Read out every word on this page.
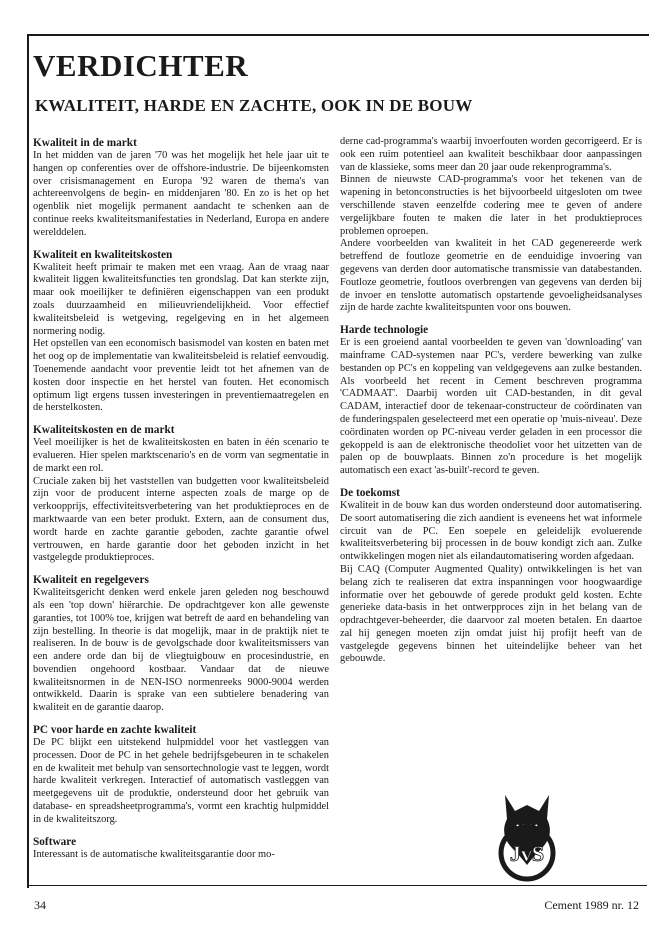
VERDICHTER
KWALITEIT, HARDE EN ZACHTE, OOK IN DE BOUW
Kwaliteit in de markt

In het midden van de jaren '70 was het mogelijk het hele jaar uit te hangen op conferenties over de offshore-industrie. De bijeenkomsten over crisismanagement en Europa '92 waren de thema's van achtereenvolgens de begin- en middenjaren '80. En zo is het op het ogenblik niet mogelijk permanent aandacht te schenken aan de continue reeks kwaliteitsmanifestaties in Nederland, Europa en andere werelddelen.

Kwaliteit en kwaliteitskosten

Kwaliteit heeft primair te maken met een vraag. Aan de vraag naar kwaliteit liggen kwaliteitsfuncties ten grondslag. Dat kan sterkte zijn, maar ook moeilijker te definiëren eigenschappen van een produkt zoals duurzaamheid en milieuvriendelijkheid. Voor effectief kwaliteitsbeleid is wetgeving, regelgeving en in het algemeen normering nodig.

Het opstellen van een economisch basismodel van kosten en baten met het oog op de implementatie van kwaliteitsbeleid is relatief eenvoudig. Toenemende aandacht voor preventie leidt tot het afnemen van de kosten door inspectie en het herstel van fouten. Het economisch optimum ligt ergens tussen investeringen in preventiemaatregelen en de herstelkosten.

Kwaliteitskosten en de markt

Veel moeilijker is het de kwaliteitskosten en baten in één scenario te evalueren. Hier spelen marktscenario's en de vorm van segmentatie in de markt een rol.

Cruciale zaken bij het vaststellen van budgetten voor kwaliteitsbeleid zijn voor de producent interne aspecten zoals de marge op de verkoopprijs, effectiviteitsverbetering van het produktieproces en de marktwaarde van een beter produkt. Extern, aan de consument dus, wordt harde en zachte garantie geboden, zachte garantie ofwel vertrouwen, en harde garantie door het geboden inzicht in het vastgelegde produktieproces.

Kwaliteit en regelgevers

Kwaliteitsgericht denken werd enkele jaren geleden nog beschouwd als een 'top down' hiërarchie. De opdrachtgever kon alle gewenste garanties, tot 100% toe, krijgen wat betreft de aard en behandeling van zijn bestelling. In theorie is dat mogelijk, maar in de praktijk niet te realiseren. In de bouw is de gevolgschade door kwaliteitsmissers van een andere orde dan bij de vliegtuigbouw en procesindustrie, en bovendien ongehoord kostbaar. Vandaar dat de nieuwe kwaliteitsnormen in de NEN-ISO normenreeks 9000-9004 werden ontwikkeld. Daarin is sprake van een subtielere benadering van kwaliteit en de garantie daarop.

PC voor harde en zachte kwaliteit

De PC blijkt een uitstekend hulpmiddel voor het vastleggen van processen. Door de PC in het gehele bedrijfsgebeuren in te schakelen en de kwaliteit met behulp van sensortechnologie vast te leggen, wordt harde kwaliteit verkregen. Interactief of automatisch vastleggen van meetgegevens uit de produktie, ondersteund door het gebruik van database- en spreadsheetprogramma's, vormt een krachtig hulpmiddel in de kwaliteitszorg.

Software

Interessant is de automatische kwaliteitsgarantie door mo-

derne cad-programma's waarbij invoerfouten worden gecorrigeerd. Er is ook een ruim potentieel aan kwaliteit beschikbaar door aanpassingen van de klassieke, soms meer dan 20 jaar oude rekenprogramma's.

Binnen de nieuwste CAD-programma's voor het tekenen van de wapening in betonconstructies is het bijvoorbeeld uitgesloten om twee verschillende staven eenzelfde codering mee te geven of andere vergelijkbare fouten te maken die later in het produktieproces problemen oproepen.

Andere voorbeelden van kwaliteit in het CAD gegenereerde werk betreffend de foutloze geometrie en de eenduidige invoering van gegevens van derden door automatische transmissie van databestanden. Foutloze geometrie, foutloos overbrengen van gegevens van derden bij de invoer en tenslotte automatisch opstartende gevoeligheidsanalyses zijn de harde zachte kwaliteitspunten voor ons bouwen.

Harde technologie

Er is een groeiend aantal voorbeelden te geven van 'downloading' van mainframe CAD-systemen naar PC's, verdere bewerking van zulke bestanden op PC's en koppeling van veldgegevens aan zulke bestanden. Als voorbeeld het recent in Cement beschreven programma 'CADMAAT'. Daarbij worden uit CAD-bestanden, in dit geval CADAM, interactief door de tekenaar-constructeur de coördinaten van de funderingspalen geselecteerd met een operatie op 'muis-niveau'. Deze coördinaten worden op PC-niveau verder geladen in een processor die gekoppeld is aan de elektronische theodoliet voor het uitzetten van de palen op de bouwplaats. Binnen zo'n procedure is het mogelijk automatisch een exact 'as-built'-record te geven.

De toekomst

Kwaliteit in de bouw kan dus worden ondersteund door automatisering. De soort automatisering die zich aandient is eveneens het wat informele circuit van de PC. Een soepele en geleidelijk evoluerende kwaliteitsverbetering bij processen in de bouw kondigt zich aan. Zulke ontwikkelingen mogen niet als eilandautomatisering worden afgedaan.

Bij CAQ (Computer Augmented Quality) ontwikkelingen is het van belang zich te realiseren dat extra inspanningen voor hoogwaardige informatie over het gebouwde of gerede produkt geld kosten. Echte generieke data-basis in het ontwerpproces zijn in het belang van de opdrachtgever-beheerder, die daarvoor zal moeten betalen. En daartoe zal hij genegen moeten zijn omdat juist hij profijt heeft van de vastgelegde gegevens binnen het uiteindelijke beheer van het gebouwde.

JvS
34	Cement 1989 nr. 12
